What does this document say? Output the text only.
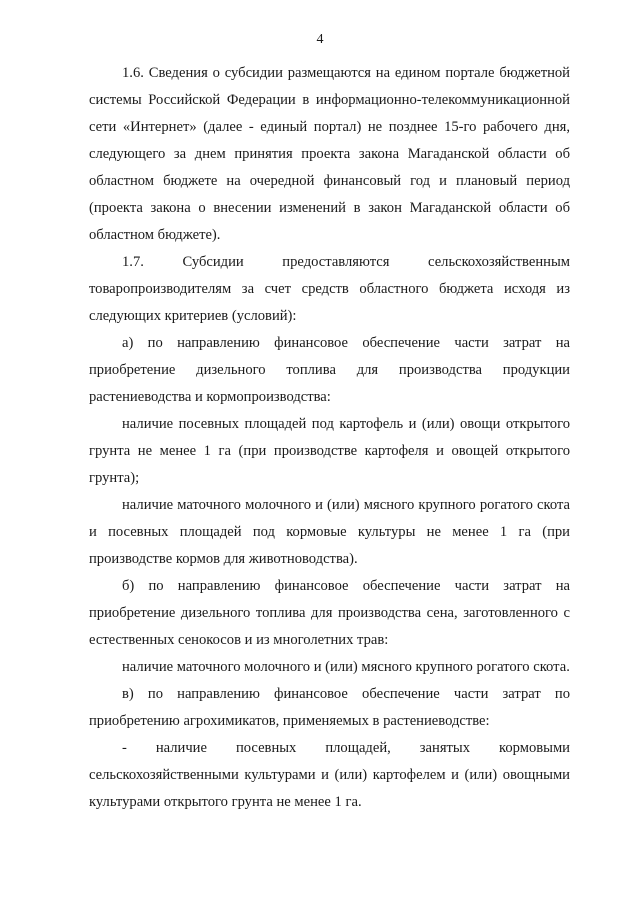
4

1.6. Сведения о субсидии размещаются на едином портале бюджетной системы Российской Федерации в информационно-телекоммуникационной сети «Интернет» (далее - единый портал) не позднее 15-го рабочего дня, следующего за днем принятия проекта закона Магаданской области об областном бюджете на очередной финансовый год и плановый период (проекта закона о внесении изменений в закон Магаданской области об областном бюджете).

1.7. Субсидии предоставляются сельскохозяйственным товаропроизводителям за счет средств областного бюджета исходя из следующих критериев (условий):

а) по направлению финансовое обеспечение части затрат на приобретение дизельного топлива для производства продукции растениеводства и кормопроизводства:

наличие посевных площадей под картофель и (или) овощи открытого грунта не менее 1 га (при производстве картофеля и овощей открытого грунта);

наличие маточного молочного и (или) мясного крупного рогатого скота и посевных площадей под кормовые культуры не менее 1 га (при производстве кормов для животноводства).

б) по направлению финансовое обеспечение части затрат на приобретение дизельного топлива для производства сена, заготовленного с естественных сенокосов и из многолетних трав:

наличие маточного молочного и (или) мясного крупного рогатого скота.

в) по направлению финансовое обеспечение части затрат по приобретению агрохимикатов, применяемых в растениеводстве:

- наличие посевных площадей, занятых кормовыми сельскохозяйственными культурами и (или) картофелем и (или) овощными культурами открытого грунта не менее 1 га.
